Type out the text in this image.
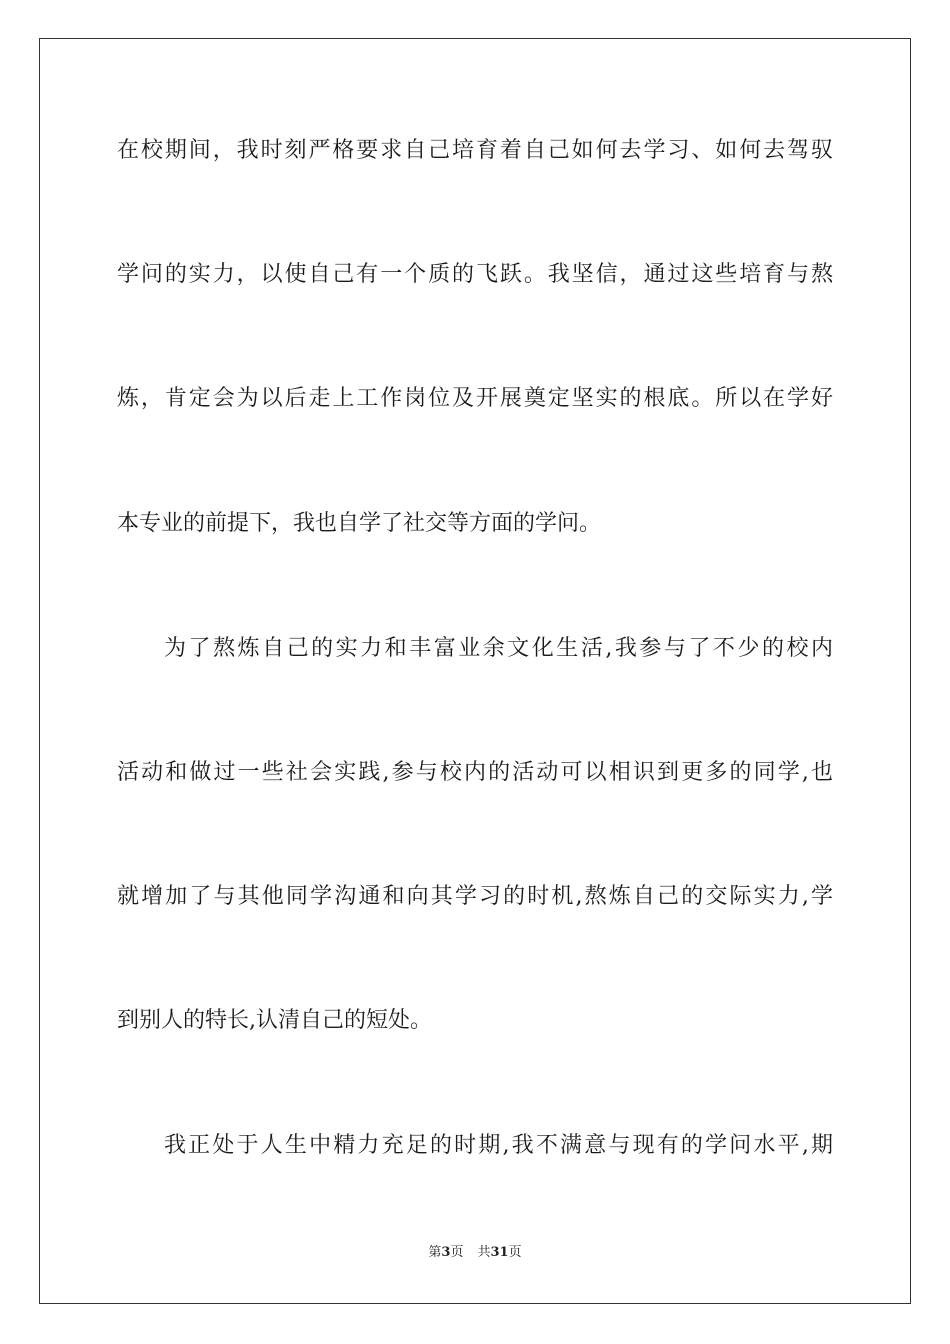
在校期间，我时刻严格要求自己培育着自己如何去学习、如何去驾驭
学问的实力，以使自己有一个质的飞跃。我坚信，通过这些培育与熬
炼，肯定会为以后走上工作岗位及开展奠定坚实的根底。所以在学好
本专业的前提下，我也自学了社交等方面的学问。
为了熬炼自己的实力和丰富业余文化生活,我参与了不少的校内
活动和做过一些社会实践,参与校内的活动可以相识到更多的同学,也
就增加了与其他同学沟通和向其学习的时机,熬炼自己的交际实力,学
到别人的特长,认清自己的短处。
我正处于人生中精力充足的时期,我不满意与现有的学问水平,期
第3页 共31页
